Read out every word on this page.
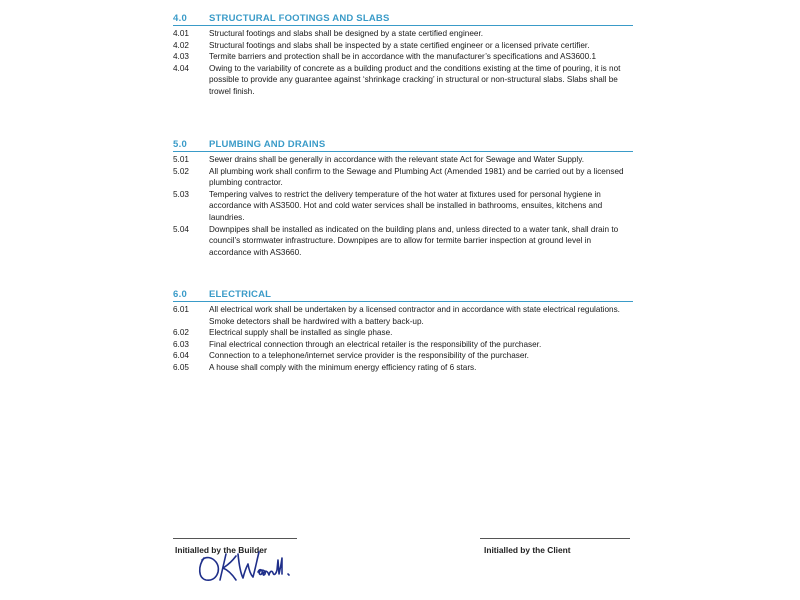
4.0	STRUCTURAL FOOTINGS AND SLABS
4.01	Structural footings and slabs shall be designed by a state certified engineer.
4.02	Structural footings and slabs shall be inspected by a state certified engineer or a licensed private certifier.
4.03	Termite barriers and protection shall be in accordance with the manufacturer’s specifications and AS3600.1
4.04	Owing to the variability of concrete as a building product and the conditions existing at the time of pouring, it is not possible to provide any guarantee against ‘shrinkage cracking’ in structural or non-structural slabs. Slabs shall be trowel finish.
5.0	PLUMBING AND DRAINS
5.01	Sewer drains shall be generally in accordance with the relevant state Act for Sewage and Water Supply.
5.02	All plumbing work shall confirm to the Sewage and Plumbing Act (Amended 1981) and be carried out by a licensed plumbing contractor.
5.03	Tempering valves to restrict the delivery temperature of the hot water at fixtures used for personal hygiene in accordance with AS3500. Hot and cold water services shall be installed in bathrooms, ensuites, kitchens and laundries.
5.04	Downpipes shall be installed as indicated on the building plans and, unless directed to a water tank, shall drain to council’s stormwater infrastructure. Downpipes are to allow for termite barrier inspection at ground level in accordance with AS3660.
6.0	ELECTRICAL
6.01	All electrical work shall be undertaken by a licensed contractor and in accordance with state electrical regulations. Smoke detectors shall be hardwired with a battery back-up.
6.02	Electrical supply shall be installed as single phase.
6.03	Final electrical connection through an electrical retailer is the responsibility of the purchaser.
6.04	Connection to a telephone/internet service provider is the responsibility of the purchaser.
6.05	A house shall comply with the minimum energy efficiency rating of 6 stars.
Initialled by the Builder	Initialled by the Client
